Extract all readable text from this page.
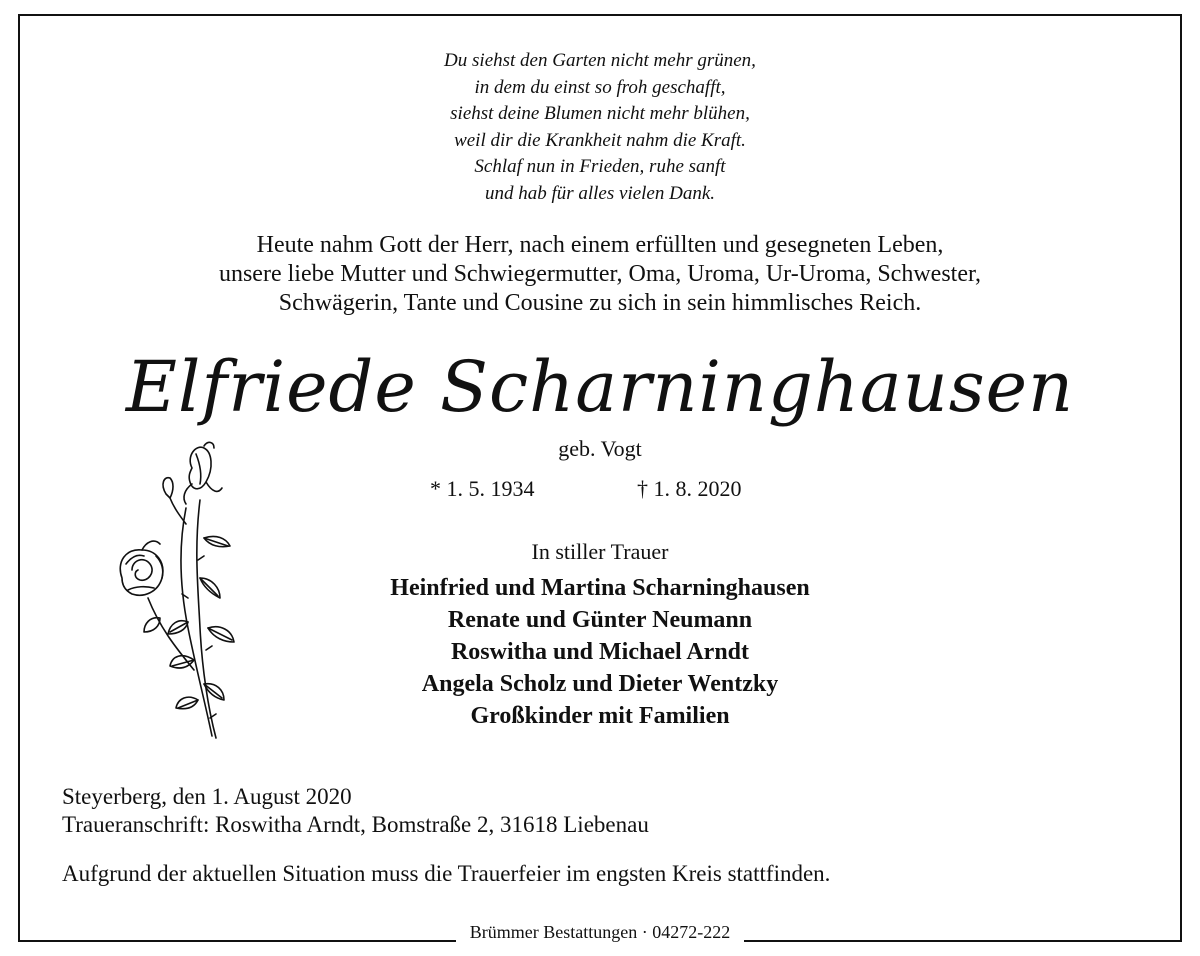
Du siehst den Garten nicht mehr grünen,
in dem du einst so froh geschafft,
siehst deine Blumen nicht mehr blühen,
weil dir die Krankheit nahm die Kraft.
Schlaf nun in Frieden, ruhe sanft
und hab für alles vielen Dank.
Heute nahm Gott der Herr, nach einem erfüllten und gesegneten Leben,
unsere liebe Mutter und Schwiegermutter, Oma, Uroma, Ur-Uroma, Schwester,
Schwägerin, Tante und Cousine zu sich in sein himmlisches Reich.
Elfriede Scharninghausen
geb. Vogt
* 1. 5. 1934	† 1. 8. 2020
In stiller Trauer
Heinfried und Martina Scharninghausen
Renate und Günter Neumann
Roswitha und Michael Arndt
Angela Scholz und Dieter Wentzky
Großkinder mit Familien
Steyerberg, den 1. August 2020
Traueranschrift: Roswitha Arndt, Bomstraße 2, 31618 Liebenau
Aufgrund der aktuellen Situation muss die Trauerfeier im engsten Kreis stattfinden.
Brümmer Bestattungen · 04272-222
